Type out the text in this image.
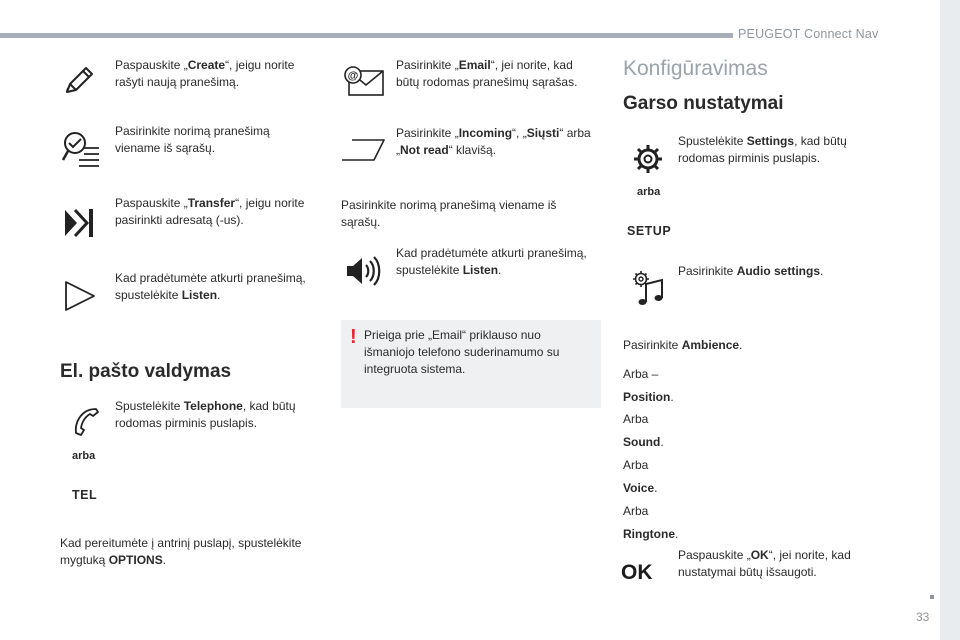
PEUGEOT Connect Nav
33
Paspauskite „Create“, jeigu norite rašyti naują pranešimą.
Pasirinkite norimą pranešimą viename iš sąrašų.
Paspauskite „Transfer“, jeigu norite pasirinkti adresatą (-us).
Kad pradėtumėte atkurti pranešimą, spustelėkite Listen.
El. pašto valdymas
Spustelėkite Telephone, kad būtų rodomas pirminis puslapis.
arba
TEL
Kad pereitumėte į antrinį puslapį, spustelėkite mygtuką OPTIONS.
@
Pasirinkite „Email“, jei norite, kad būtų rodomas pranešimų sąrašas.
Pasirinkite „Incoming“, „Siųsti“ arba „Not read“ klavišą.
Pasirinkite norimą pranešimą viename iš sąrašų.
Kad pradėtumėte atkurti pranešimą, spustelėkite Listen.
! Prieiga prie „Email“ priklauso nuo išmaniojo telefono suderinamumo su integruota sistema.
Konfigūravimas
Garso nustatymai
Spustelėkite Settings, kad būtų rodomas pirminis puslapis.
arba
SETUP
Pasirinkite Audio settings.
Pasirinkite Ambience.
Arba –
Position.
Arba
Sound.
Arba
Voice.
Arba
Ringtone.
OK
Paspauskite „OK“, jei norite, kad nustatymai būtų išsaugoti.
